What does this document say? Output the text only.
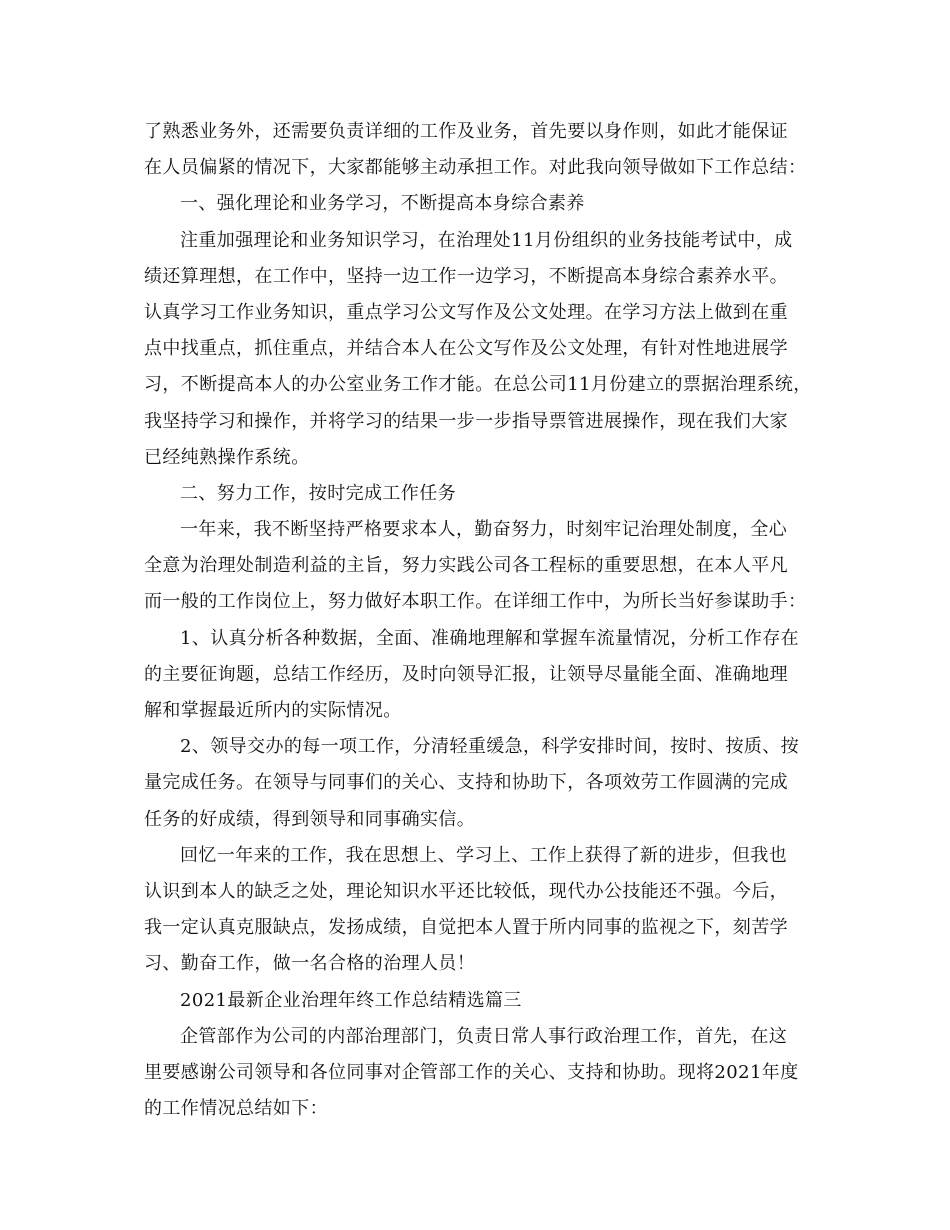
了熟悉业务外，还需要负责详细的工作及业务，首先要以身作则，如此才能保证
在人员偏紧的情况下，大家都能够主动承担工作。对此我向领导做如下工作总结：
一、强化理论和业务学习，不断提高本身综合素养
注重加强理论和业务知识学习，在治理处11月份组织的业务技能考试中，成
绩还算理想，在工作中，坚持一边工作一边学习，不断提高本身综合素养水平。
认真学习工作业务知识，重点学习公文写作及公文处理。在学习方法上做到在重
点中找重点，抓住重点，并结合本人在公文写作及公文处理，有针对性地进展学
习，不断提高本人的办公室业务工作才能。在总公司11月份建立的票据治理系统，
我坚持学习和操作，并将学习的结果一步一步指导票管进展操作，现在我们大家
已经纯熟操作系统。
二、努力工作，按时完成工作任务
一年来，我不断坚持严格要求本人，勤奋努力，时刻牢记治理处制度，全心
全意为治理处制造利益的主旨，努力实践公司各工程标的重要思想，在本人平凡
而一般的工作岗位上，努力做好本职工作。在详细工作中，为所长当好参谋助手：
1、认真分析各种数据，全面、准确地理解和掌握车流量情况，分析工作存在
的主要征询题，总结工作经历，及时向领导汇报，让领导尽量能全面、准确地理
解和掌握最近所内的实际情况。
2、领导交办的每一项工作，分清轻重缓急，科学安排时间，按时、按质、按
量完成任务。在领导与同事们的关心、支持和协助下，各项效劳工作圆满的完成
任务的好成绩，得到领导和同事确实信。
回忆一年来的工作，我在思想上、学习上、工作上获得了新的进步，但我也
认识到本人的缺乏之处，理论知识水平还比较低，现代办公技能还不强。今后，
我一定认真克服缺点，发扬成绩，自觉把本人置于所内同事的监视之下，刻苦学
习、勤奋工作，做一名合格的治理人员！
2021最新企业治理年终工作总结精选篇三
企管部作为公司的内部治理部门，负责日常人事行政治理工作，首先，在这
里要感谢公司领导和各位同事对企管部工作的关心、支持和协助。现将2021年度
的工作情况总结如下：
